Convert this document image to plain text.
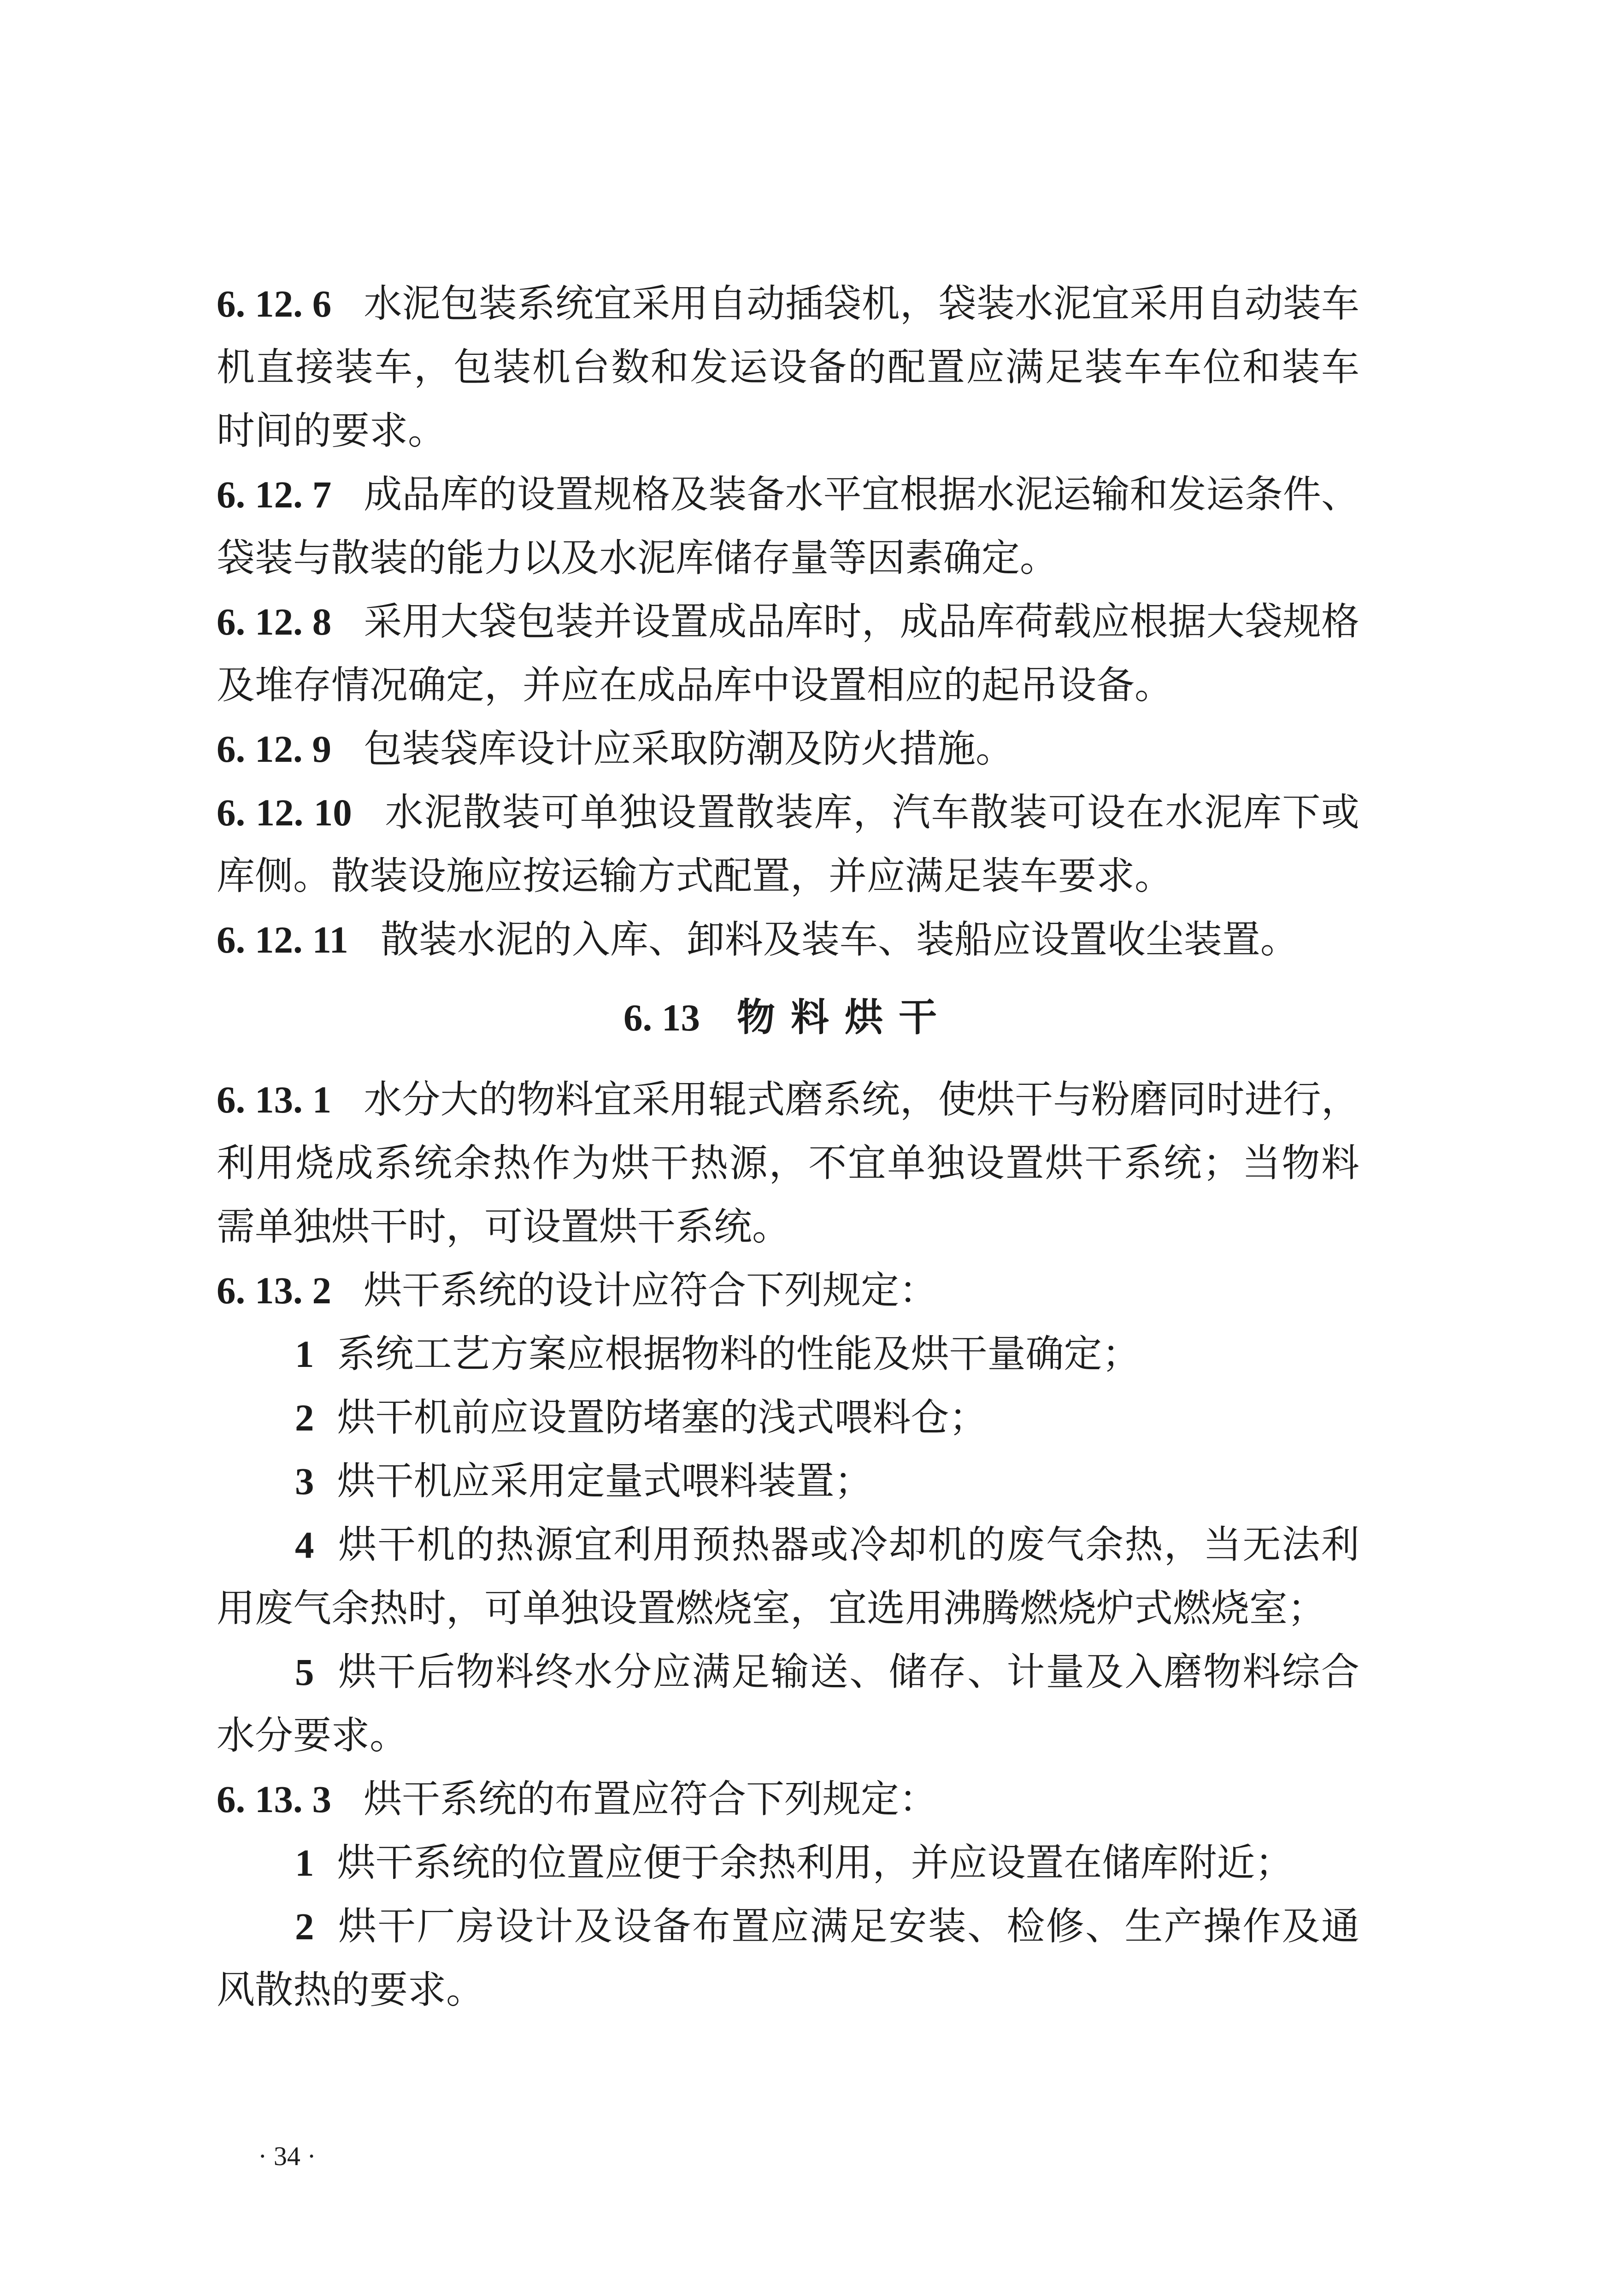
6. 12. 6 水泥包装系统宜采用自动插袋机，袋装水泥宜采用自动装车机直接装车，包装机台数和发运设备的配置应满足装车车位和装车时间的要求。

6. 12. 7 成品库的设置规格及装备水平宜根据水泥运输和发运条件、袋装与散装的能力以及水泥库储存量等因素确定。

6. 12. 8 采用大袋包装并设置成品库时，成品库荷载应根据大袋规格及堆存情况确定，并应在成品库中设置相应的起吊设备。

6. 12. 9 包装袋库设计应采取防潮及防火措施。

6. 12. 10 水泥散装可单独设置散装库，汽车散装可设在水泥库下或库侧。散装设施应按运输方式配置，并应满足装车要求。

6. 12. 11 散装水泥的入库、卸料及装车、装船应设置收尘装置。

6. 13 物料烘干

6. 13. 1 水分大的物料宜采用辊式磨系统，使烘干与粉磨同时进行，利用烧成系统余热作为烘干热源，不宜单独设置烘干系统；当物料需单独烘干时，可设置烘干系统。

6. 13. 2 烘干系统的设计应符合下列规定：

1 系统工艺方案应根据物料的性能及烘干量确定；

2 烘干机前应设置防堵塞的浅式喂料仓；

3 烘干机应采用定量式喂料装置；

4 烘干机的热源宜利用预热器或冷却机的废气余热，当无法利用废气余热时，可单独设置燃烧室，宜选用沸腾燃烧炉式燃烧室；

5 烘干后物料终水分应满足输送、储存、计量及入磨物料综合水分要求。

6. 13. 3 烘干系统的布置应符合下列规定：

1 烘干系统的位置应便于余热利用，并应设置在储库附近；

2 烘干厂房设计及设备布置应满足安装、检修、生产操作及通风散热的要求。

· 34 ·
